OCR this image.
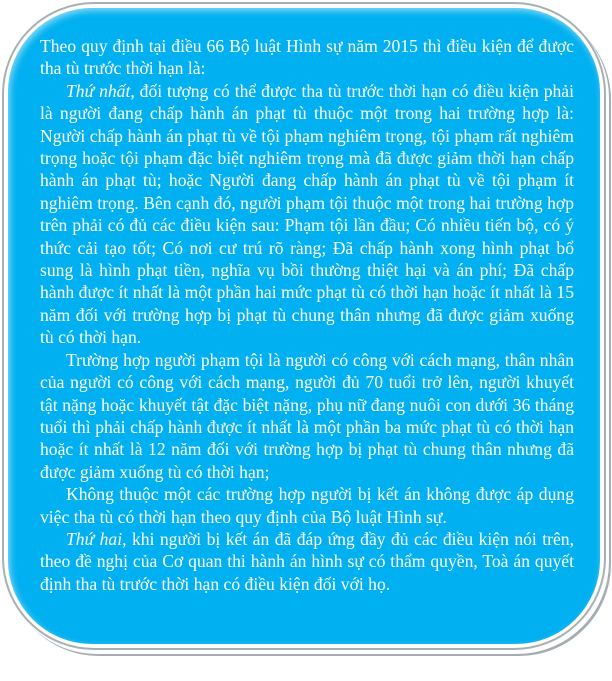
Theo quy định tại điều 66 Bộ luật Hình sự năm 2015 thì điều kiện để được tha tù trước thời hạn là:

Thứ nhất, đối tượng có thể được tha tù trước thời hạn có điều kiện phải là người đang chấp hành án phạt tù thuộc một trong hai trường hợp là: Người chấp hành án phạt tù về tội phạm nghiêm trọng, tội phạm rất nghiêm trọng hoặc tội phạm đặc biệt nghiêm trọng mà đã được giảm thời hạn chấp hành án phạt tù; hoặc Người đang chấp hành án phạt tù về tội phạm ít nghiêm trọng. Bên cạnh đó, người phạm tội thuộc một trong hai trường hợp trên phải có đủ các điều kiện sau: Phạm tội lần đầu; Có nhiều tiến bộ, có ý thức cải tạo tốt; Có nơi cư trú rõ ràng; Đã chấp hành xong hình phạt bổ sung là hình phạt tiền, nghĩa vụ bồi thường thiệt hại và án phí; Đã chấp hành được ít nhất là một phần hai mức phạt tù có thời hạn hoặc ít nhất là 15 năm đối với trường hợp bị phạt tù chung thân nhưng đã được giảm xuống tù có thời hạn.

Trường hợp người phạm tội là người có công với cách mạng, thân nhân của người có công với cách mạng, người đủ 70 tuổi trở lên, người khuyết tật nặng hoặc khuyết tật đặc biệt nặng, phụ nữ đang nuôi con dưới 36 tháng tuổi thì phải chấp hành được ít nhất là một phần ba mức phạt tù có thời hạn hoặc ít nhất là 12 năm đối với trường hợp bị phạt tù chung thân nhưng đã được giảm xuống tù có thời hạn;

Không thuộc một các trường hợp người bị kết án không được áp dụng việc tha tù có thời hạn theo quy định của Bộ luật Hình sự.

Thứ hai, khi người bị kết án đã đáp ứng đầy đủ các điều kiện nói trên, theo đề nghị của Cơ quan thi hành án hình sự có thẩm quyền, Toà án quyết định tha tù trước thời hạn có điều kiện đối với họ.
